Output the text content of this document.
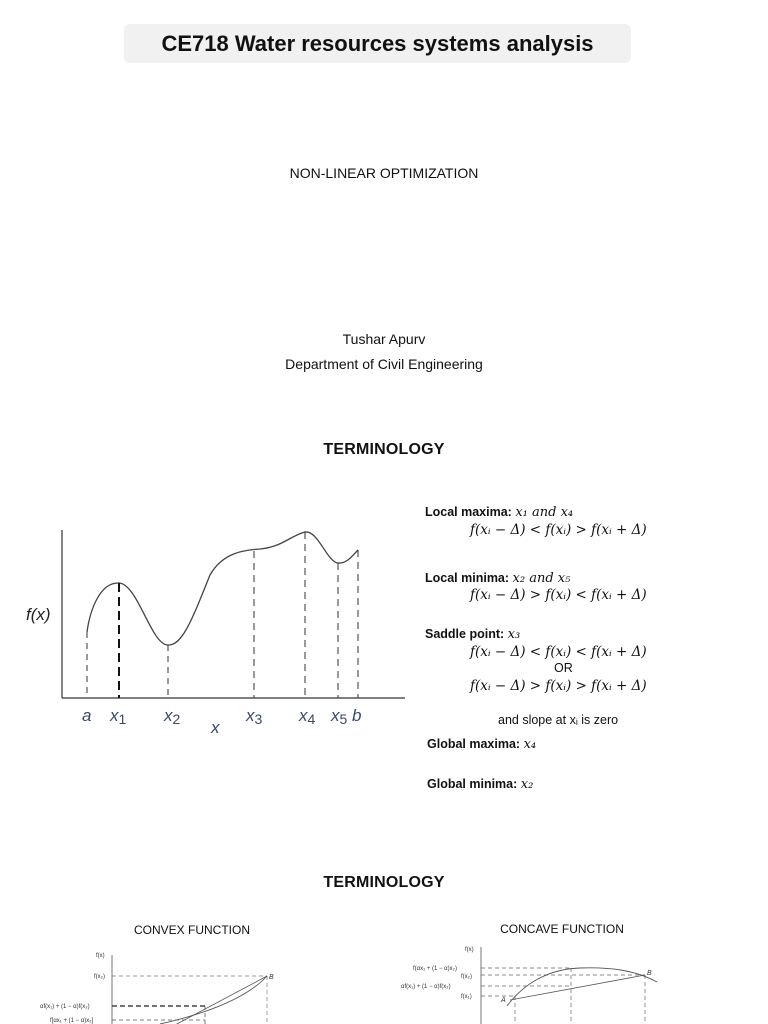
CE718 Water resources systems analysis
NON-LINEAR OPTIMIZATION
Tushar Apurv
Department of Civil Engineering
TERMINOLOGY
f(x)
a x1 x2	x3 x4 x5 b
x
Local maxima: x₁ and x₄
f(xᵢ − Δ) < f(xᵢ) > f(xᵢ + Δ)
Local minima: x₂ and x₅
f(xᵢ − Δ) > f(xᵢ) < f(xᵢ + Δ)
Saddle point: x₃
f(xᵢ − Δ) < f(xᵢ) < f(xᵢ + Δ)
OR
f(xᵢ − Δ) > f(xᵢ) > f(xᵢ + Δ)
and slope at xᵢ is zero
Global maxima: x₄
Global minima: x₂
TERMINOLOGY
CONVEX FUNCTION	CONCAVE FUNCTION
f(x)
f(x₂)
αf(x₁) + (1 − α)f(x₂)
f[αx₁ + (1 − α)x₂]
B
f(x)
f(αx₁ + (1 − α)x₂)
f(x₂)
αf(x₁) + (1 − α)f(x₂)
f(x₁)	A
B
